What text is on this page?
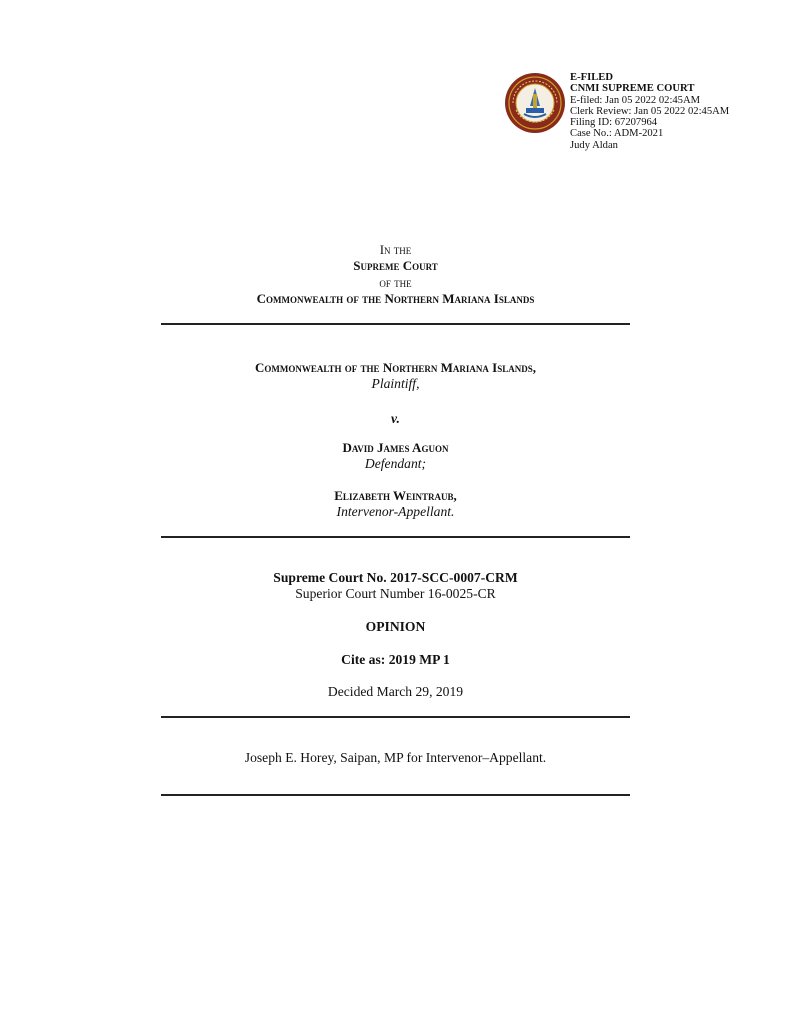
E-FILED
CNMI SUPREME COURT
E-filed: Jan 05 2022 02:45AM
Clerk Review: Jan 05 2022 02:45AM
Filing ID: 67207964
Case No.: ADM-2021
Judy Aldan
In the
Supreme Court
of the
Commonwealth of the Northern Mariana Islands
Commonwealth of the Northern Mariana Islands,
Plaintiff,
v.
David James Aguon
Defendant;
Elizabeth Weintraub,
Intervenor-Appellant.
Supreme Court No. 2017-SCC-0007-CRM
Superior Court Number 16-0025-CR
OPINION
Cite as: 2019 MP 1
Decided March 29, 2019
Joseph E. Horey, Saipan, MP for Intervenor–Appellant.
